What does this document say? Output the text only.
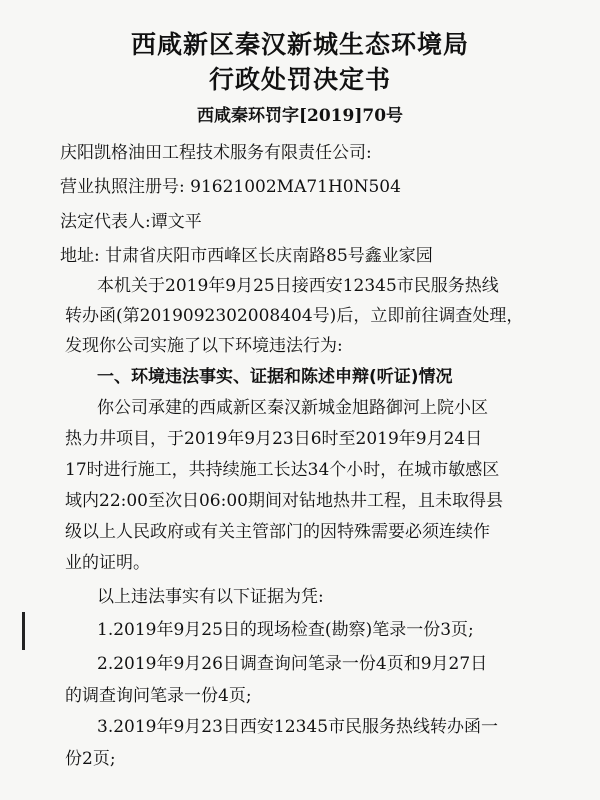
西咸新区秦汉新城生态环境局
行政处罚决定书
西咸秦环罚字[2019]70号
庆阳凯格油田工程技术服务有限责任公司:
营业执照注册号: 91621002MA71H0N504
法定代表人:谭文平
地址: 甘肃省庆阳市西峰区长庆南路85号鑫业家园
本机关于2019年9月25日接西安12345市民服务热线
转办函(第2019092302008404号)后，立即前往调查处理，
发现你公司实施了以下环境违法行为:
一、环境违法事实、证据和陈述申辩(听证)情况
你公司承建的西咸新区秦汉新城金旭路御河上院小区
热力井项目，于2019年9月23日6时至2019年9月24日
17时进行施工，共持续施工长达34个小时，在城市敏感区
域内22:00至次日06:00期间对钻地热井工程，且未取得县
级以上人民政府或有关主管部门的因特殊需要必须连续作
业的证明。
以上违法事实有以下证据为凭:
1.2019年9月25日的现场检查(勘察)笔录一份3页;
2.2019年9月26日调查询问笔录一份4页和9月27日
的调查询问笔录一份4页;
3.2019年9月23日西安12345市民服务热线转办函一
份2页;
